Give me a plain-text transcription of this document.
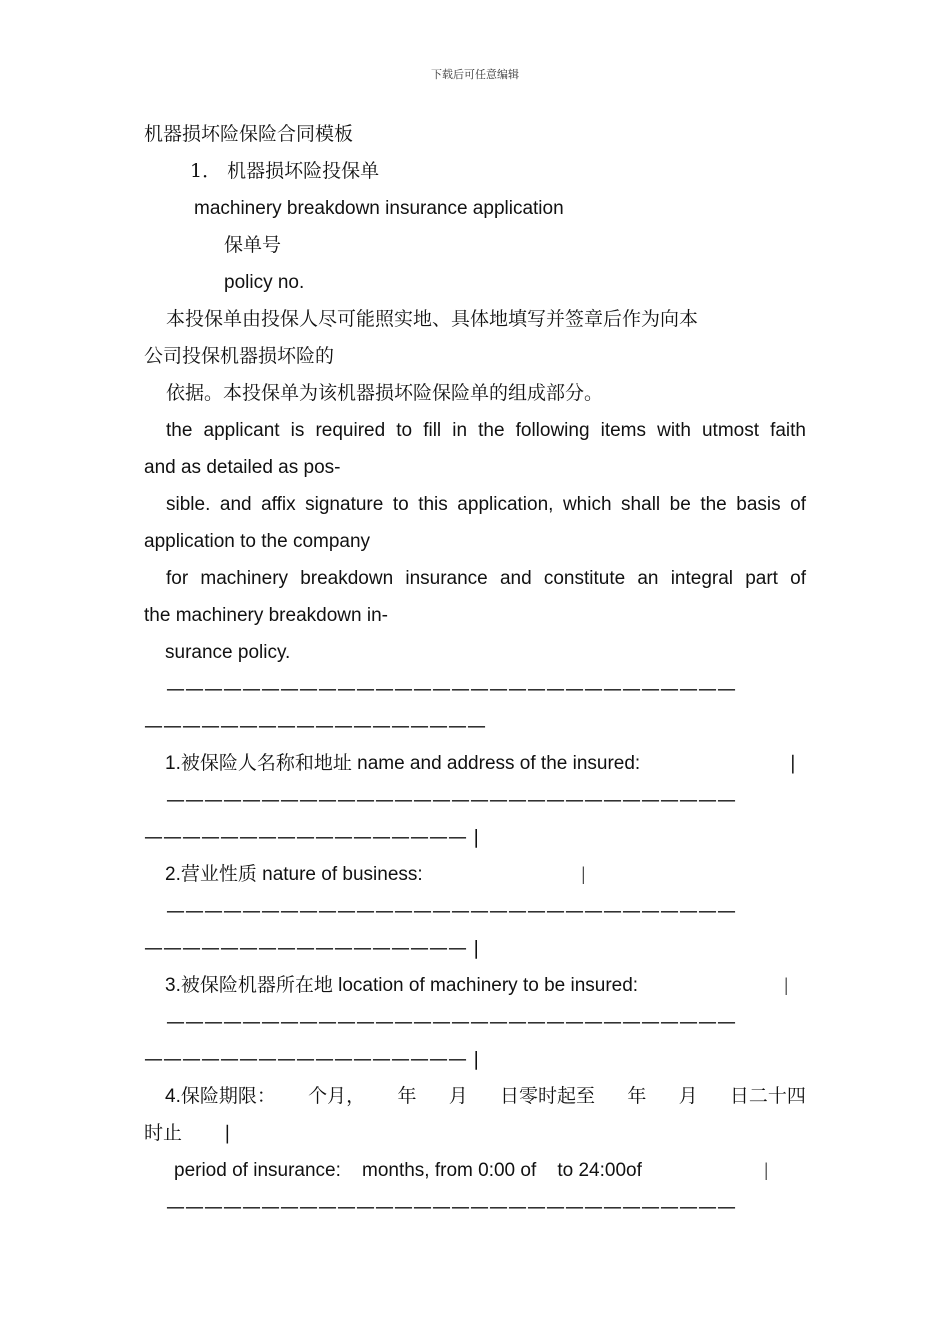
下载后可任意编辑
机器损坏险保险合同模板
1． 机器损坏险投保单
machinery breakdown insurance application
保单号
policy no.
本投保单由投保人尽可能照实地、具体地填写并签章后作为向本
公司投保机器损坏险的
依据。本投保单为该机器损坏险保险单的组成部分。
the applicant is required to fill in the following items with utmost faith
and as detailed as pos-
sible. and affix signature to this application, which shall be the basis of
application to the company
for machinery breakdown insurance and constitute an integral part of
the machinery breakdown in-
surance policy.
——————————————————————————————
——————————————————
1.被保险人名称和地址 name and address of the insured:	|
——————————————————————————————
————————————————— |
2.营业性质 nature of business:	|
——————————————————————————————
————————————————— |
3.被保险机器所在地 location of machinery to be insured:	|
——————————————————————————————
————————————————— |
4.保险期限： 个月， 年 月 日零时起至 年 月 日二十四
时止 |
period of insurance:    months, from 0:00 of    to 24:00of	|
——————————————————————————————
